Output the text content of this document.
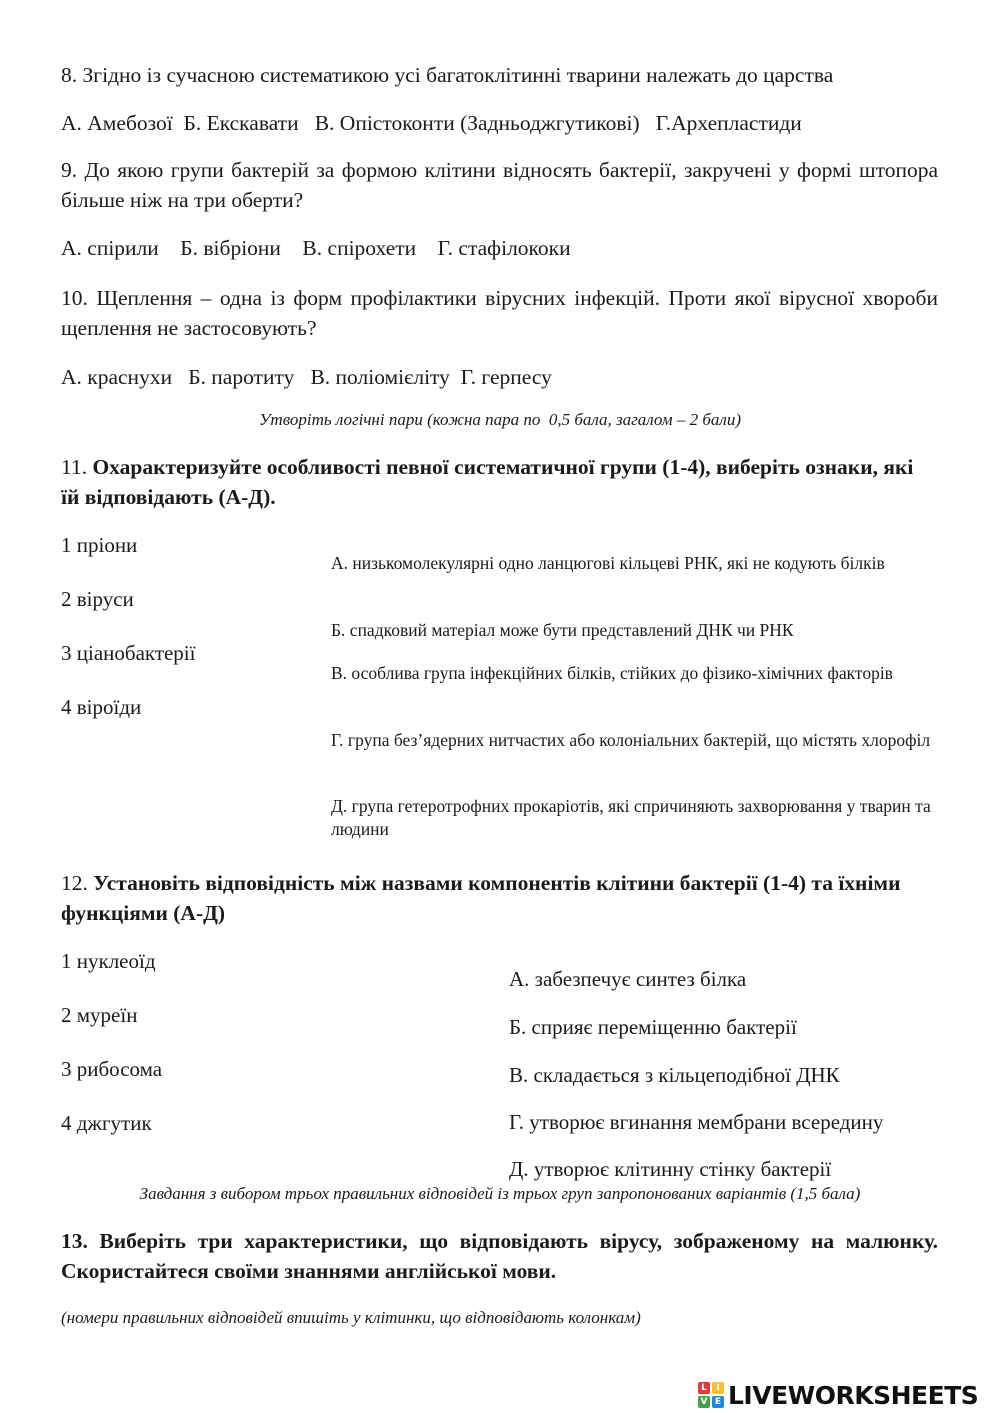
8. Згідно із сучасною систематикою усі багатоклітинні тварини належать до царства
А. Амебозої  Б. Екскавати   В. Опістоконти (Задньоджгутикові)   Г.Архепластиди
9. До якою групи бактерій за формою клітини відносять бактерії, закручені у формі штопора більше ніж на три оберти?
А. спірили    Б. вібріони    В. спірохети    Г. стафілококи
10. Щеплення – одна із форм профілактики вірусних інфекцій. Проти якої вірусної хвороби щеплення не застосовують?
А. краснухи   Б. паротиту   В. поліомієліту  Г. герпесу
Утворіть логічні пари (кожна пара по  0,5 бала, загалом – 2 бали)
11. Охарактеризуйте особливості певної систематичної групи (1-4), виберіть ознаки, які їй відповідають (А-Д).
1 пріони
2 віруси
3 ціанобактерії
4 віроїди
А. низькомолекулярні одно ланцюгові кільцеві РНК, які не кодують білків
Б. спадковий матеріал може бути представлений ДНК чи РНК
В. особлива група інфекційних білків, стійких до фізико-хімічних факторів
Г. група без’ядерних нитчастих або колоніальних бактерій, що містять хлорофіл
Д. група гетеротрофних прокаріотів, які спричиняють захворювання у тварин та людини
12. Установіть відповідність між назвами компонентів клітини бактерії (1-4) та їхніми функціями (А-Д)
1 нуклеоїд
2 муреїн
3 рибосома
4 джгутик
А. забезпечує синтез білка
Б. сприяє переміщенню бактерії
В. складається з кільцеподібної ДНК
Г. утворює вгинання мембрани всередину
Д. утворює клітинну стінку бактерії
Завдання з вибором трьох правильних відповідей із трьох груп запропонованих варіантів (1,5 бала)
13. Виберіть три характеристики, що відповідають вірусу, зображеному на малюнку. Скористайтеся своїми знаннями англійської мови.
(номери правильних відповідей впишіть у клітинки, що відповідають колонкам)
L	I
V E LIVEWORKSHEETS
